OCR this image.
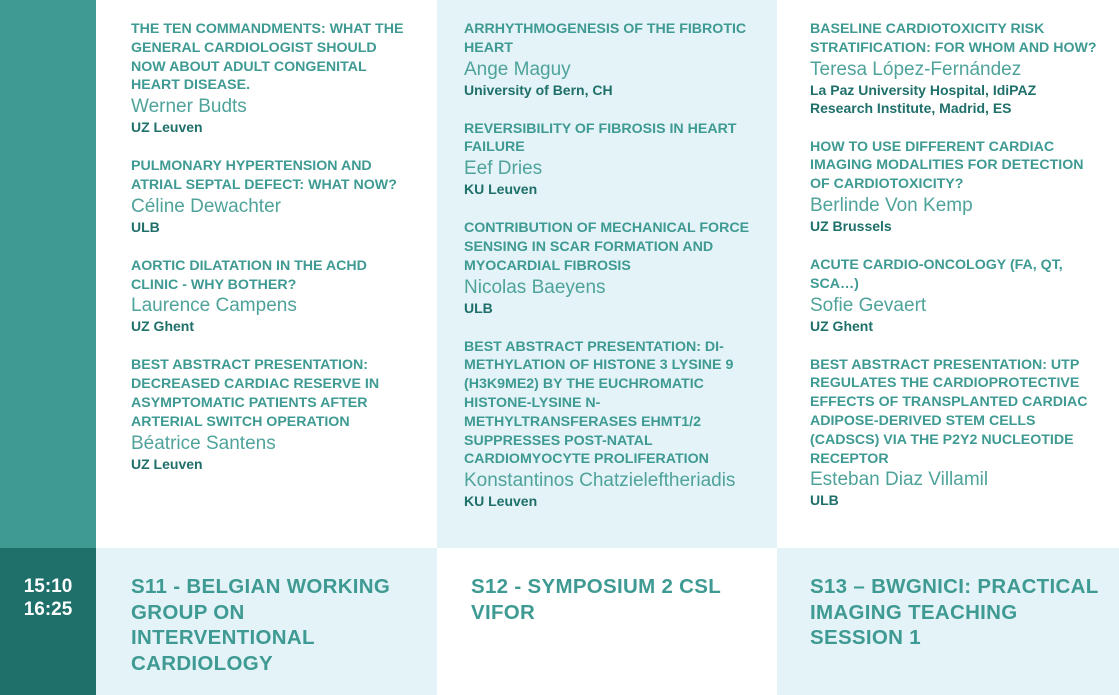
15:10
16:25
THE TEN COMMANDMENTS: WHAT THE GENERAL CARDIOLOGIST SHOULD NOW ABOUT ADULT CONGENITAL HEART DISEASE.
Werner Budts
UZ Leuven
PULMONARY HYPERTENSION AND ATRIAL SEPTAL DEFECT: WHAT NOW?
Céline Dewachter
ULB
AORTIC DILATATION IN THE ACHD CLINIC - WHY BOTHER?
Laurence Campens
UZ Ghent
BEST ABSTRACT PRESENTATION: DECREASED CARDIAC RESERVE IN ASYMPTOMATIC PATIENTS AFTER ARTERIAL SWITCH OPERATION
Béatrice Santens
UZ Leuven
ARRHYTHMOGENESIS OF THE FIBROTIC HEART
Ange Maguy
University of Bern, CH
REVERSIBILITY OF FIBROSIS IN HEART FAILURE
Eef Dries
KU Leuven
CONTRIBUTION OF MECHANICAL FORCE SENSING IN SCAR FORMATION AND MYOCARDIAL FIBROSIS
Nicolas Baeyens
ULB
BEST ABSTRACT PRESENTATION: DI-METHYLATION OF HISTONE 3 LYSINE 9 (H3K9ME2) BY THE EUCHROMATIC HISTONE-LYSINE N-METHYLTRANSFERASES EHMT1/2 SUPPRESSES POST-NATAL CARDIOMYOCYTE PROLIFERATION
Konstantinos Chatzieleftheriadis
KU Leuven
BASELINE CARDIOTOXICITY RISK STRATIFICATION: FOR WHOM AND HOW?
Teresa López-Fernández
La Paz University Hospital, IdiPAZ Research Institute, Madrid, ES
HOW TO USE DIFFERENT CARDIAC IMAGING MODALITIES FOR DETECTION OF CARDIOTOXICITY?
Berlinde Von Kemp
UZ Brussels
ACUTE CARDIO-ONCOLOGY (FA, QT, SCA…)
Sofie Gevaert
UZ Ghent
BEST ABSTRACT PRESENTATION: UTP REGULATES THE CARDIOPROTECTIVE EFFECTS OF TRANSPLANTED CARDIAC ADIPOSE-DERIVED STEM CELLS (CADSCS) VIA THE P2Y2 NUCLEOTIDE RECEPTOR
Esteban Diaz Villamil
ULB
S11 - BELGIAN WORKING GROUP ON INTERVENTIONAL CARDIOLOGY
S12 - SYMPOSIUM 2 CSL VIFOR
S13 – BWGNICI: PRACTICAL IMAGING TEACHING SESSION 1
